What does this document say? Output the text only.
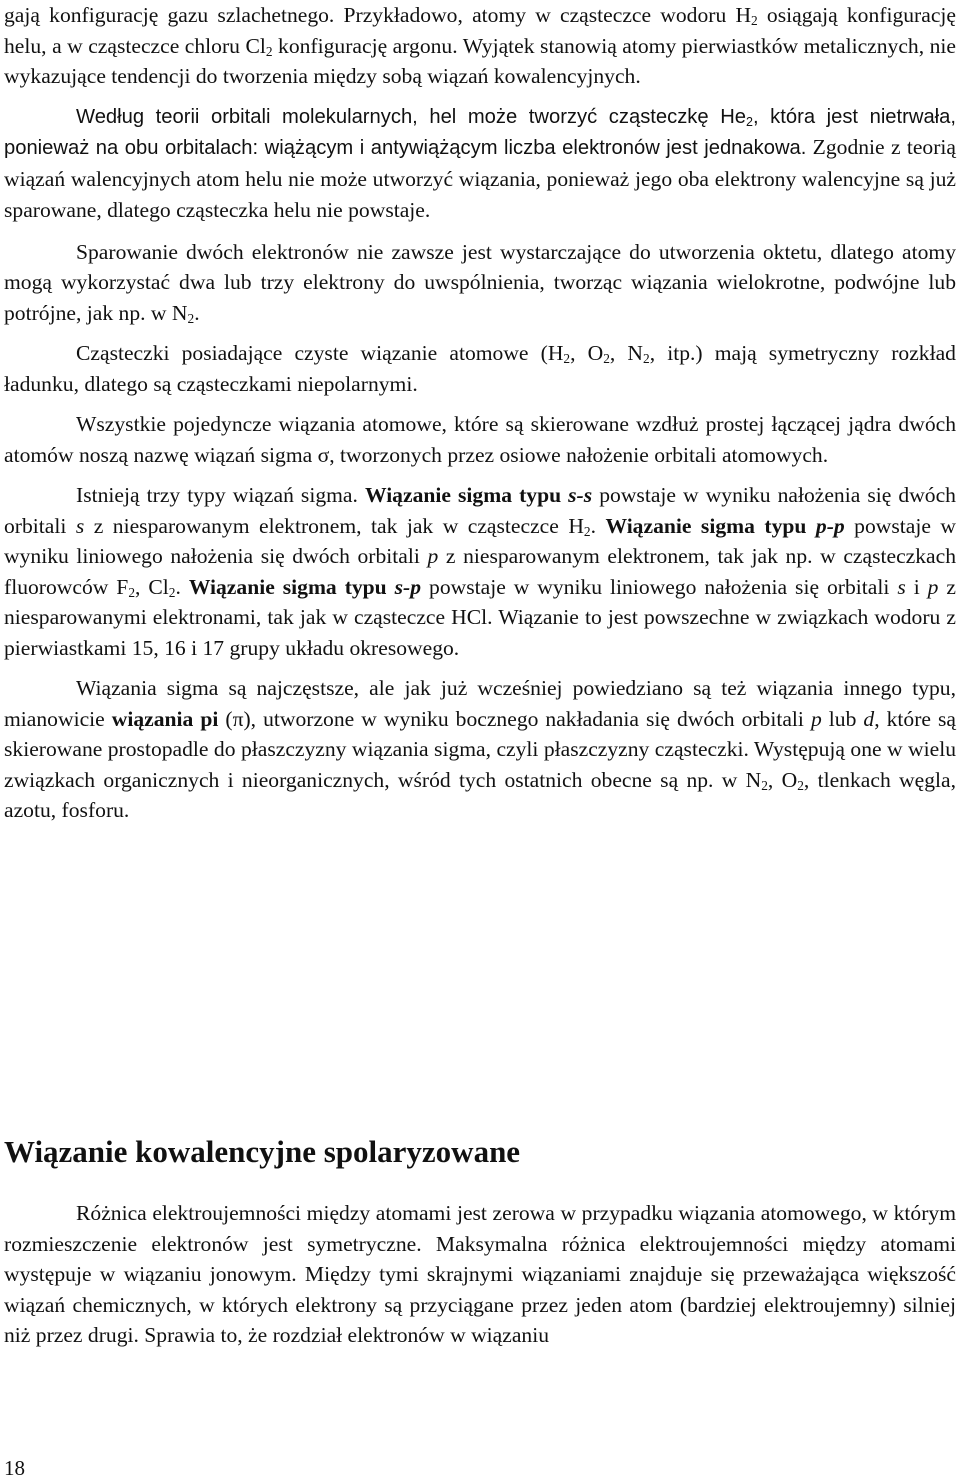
gają konfigurację gazu szlachetnego. Przykładowo, atomy w cząsteczce wodoru $H_2$ osiągają konfigurację helu, a w cząsteczce chloru $Cl_2$ konfigurację argonu. Wyjątek stanowią atomy pierwiastków metalicznych, nie wykazujące tendencji do tworzenia między sobą wiązań kowalencyjnych.

Według teorii orbitali molekularnych, hel może tworzyć cząsteczkę $He_2$, która jest nietrwała, ponieważ na obu orbitalach: wiążącym i antywiążącym liczba elektronów jest jednakowa. Zgodnie z teorią wiązań walencyjnych atom helu nie może utworzyć wiązania, ponieważ jego oba elektrony walencyjne są już sparowane, dlatego cząsteczka helu nie powstaje.

Sparowanie dwóch elektronów nie zawsze jest wystarczające do utworzenia oktetu, dlatego atomy mogą wykorzystać dwa lub trzy elektrony do uwspólnienia, tworząc wiązania wielokrotne, podwójne lub potrójne, jak np. w $N_2$.

Cząsteczki posiadające czyste wiązanie atomowe ($H_2$, $O_2$, $N_2$, itp.) mają symetryczny rozkład ładunku, dlatego są cząsteczkami niepolarnymi.

Wszystkie pojedyncze wiązania atomowe, które są skierowane wzdłuż prostej łączącej jądra dwóch atomów noszą nazwę wiązań sigma σ, tworzonych przez osiowe nałożenie orbitali atomowych.

Istnieją trzy typy wiązań sigma. Wiązanie sigma typu s-s powstaje w wyniku nałożenia się dwóch orbitali s z niesparowanym elektronem, tak jak w cząsteczce $H_2$. Wiązanie sigma typu p-p powstaje w wyniku liniowego nałożenia się dwóch orbitali p z niesparowanym elektronem, tak jak np. w cząsteczkach fluorowców $F_2$, $Cl_2$. Wiązanie sigma typu s-p powstaje w wyniku liniowego nałożenia się orbitali s i p z niesparowanymi elektronami, tak jak w cząsteczce HCl. Wiązanie to jest powszechne w związkach wodoru z pierwiastkami 15, 16 i 17 grupy układu okresowego.

Wiązania sigma są najczęstsze, ale jak już wcześniej powiedziano są też wiązania innego typu, mianowicie wiązania pi (π), utworzone w wyniku bocznego nakładania się dwóch orbitali p lub d, które są skierowane prostopadle do płaszczyzny wiązania sigma, czyli płaszczyzny cząsteczki. Występują one w wielu związkach organicznych i nieorganicznych, wśród tych ostatnich obecne są np. w $N_2$, $O_2$, tlenkach węgla, azotu, fosforu.

Wiązanie kowalencyjne spolaryzowane

Różnica elektroujemności między atomami jest zerowa w przypadku wiązania atomowego, w którym rozmieszczenie elektronów jest symetryczne. Maksymalna różnica elektroujemności między atomami występuje w wiązaniu jonowym. Między tymi skrajnymi wiązaniami znajduje się przeważająca większość wiązań chemicznych, w których elektrony są przyciągane przez jeden atom (bardziej elektroujemny) silniej niż przez drugi. Sprawia to, że rozdział elektronów w wiązaniu

18
